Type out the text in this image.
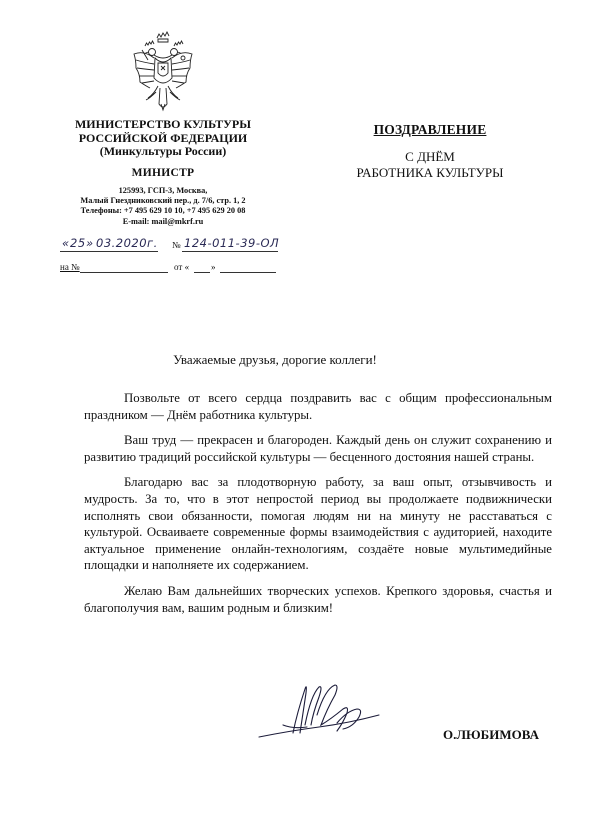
МИНИСТЕРСТВО КУЛЬТУРЫ
РОССИЙСКОЙ ФЕДЕРАЦИИ
(Минкультуры России)
МИНИСТР
125993, ГСП-3, Москва,
Малый Гнездниковский пер., д. 7/6, стр. 1, 2
Телефоны: +7 495 629 10 10, +7 495 629 20 08
E-mail: mail@mkrf.ru
« 25 » 03.2020г. № 124-011-39-ОЛ
на №	от « »
ПОЗДРАВЛЕНИЕ
С ДНЁМ
РАБОТНИКА КУЛЬТУРЫ
Уважаемые друзья, дорогие коллеги!

Позвольте от всего сердца поздравить вас с общим профессиональным праздником — Днём работника культуры.

Ваш труд — прекрасен и благороден. Каждый день он служит сохранению и развитию традиций российской культуры — бесценного достояния нашей страны.

Благодарю вас за плодотворную работу, за ваш опыт, отзывчивость и мудрость. За то, что в этот непростой период вы продолжаете подвижнически исполнять свои обязанности, помогая людям ни на минуту не расставаться с культурой. Осваиваете современные формы взаимодействия с аудиторией, находите актуальное применение онлайн-технологиям, создаёте новые мультимедийные площадки и наполняете их содержанием.

Желаю Вам дальнейших творческих успехов. Крепкого здоровья, счастья и благополучия вам, вашим родным и близким!

О.ЛЮБИМОВА
